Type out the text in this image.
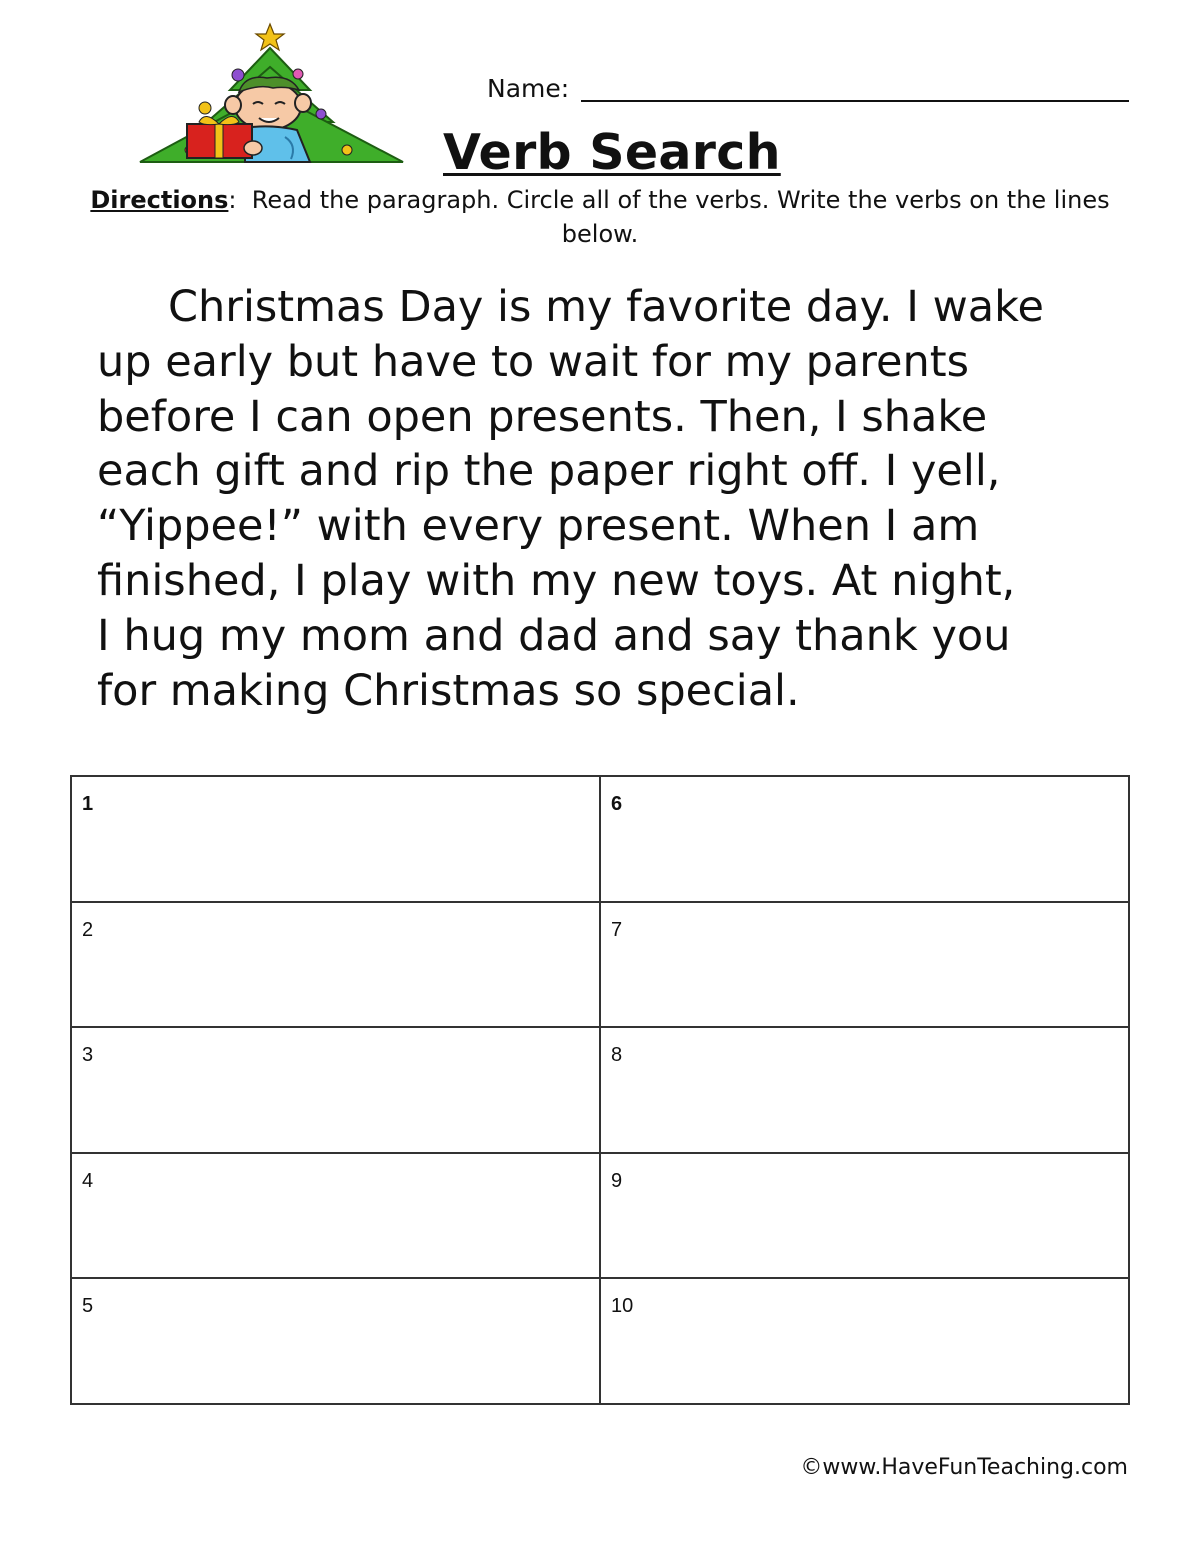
Name:
Verb Search
Directions: Read the paragraph. Circle all of the verbs. Write the verbs on the lines below.
Christmas Day is my favorite day. I wake
up early but have to wait for my parents
before I can open presents. Then, I shake
each gift and rip the paper right off. I yell,
“Yippee!” with every present. When I am
finished, I play with my new toys. At night,
I hug my mom and dad and say thank you
for making Christmas so special.
1	6

2	7

3	8

4	9

5	10
©www.HaveFunTeaching.com
